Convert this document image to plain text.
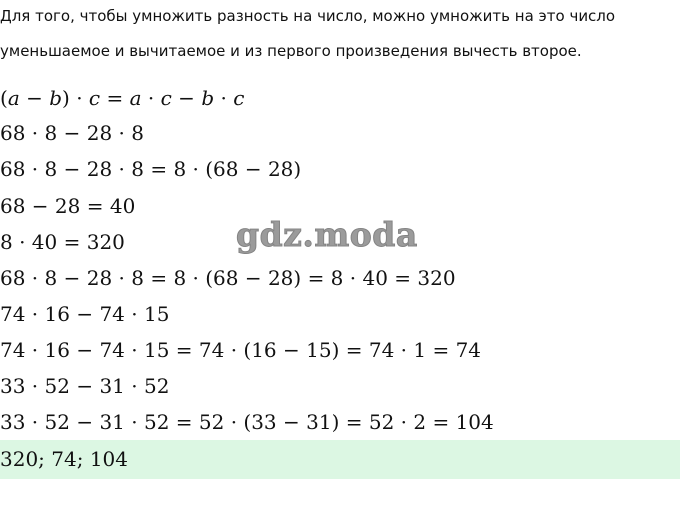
Для того, чтобы умножить разность на число, можно умножить на это число
уменьшаемое и вычитаемое и из первого произведения вычесть второе.
(a − b) · c = a · c − b · c
68 · 8 − 28 · 8
68 · 8 − 28 · 8 = 8 · (68 − 28)
68 − 28 = 40
8 · 40 = 320
68 · 8 − 28 · 8 = 8 · (68 − 28) = 8 · 40 = 320
74 · 16 − 74 · 15
74 · 16 − 74 · 15 = 74 · (16 − 15) = 74 · 1 = 74
33 · 52 − 31 · 52
33 · 52 − 31 · 52 = 52 · (33 − 31) = 52 · 2 = 104
gdz.moda
320; 74; 104
